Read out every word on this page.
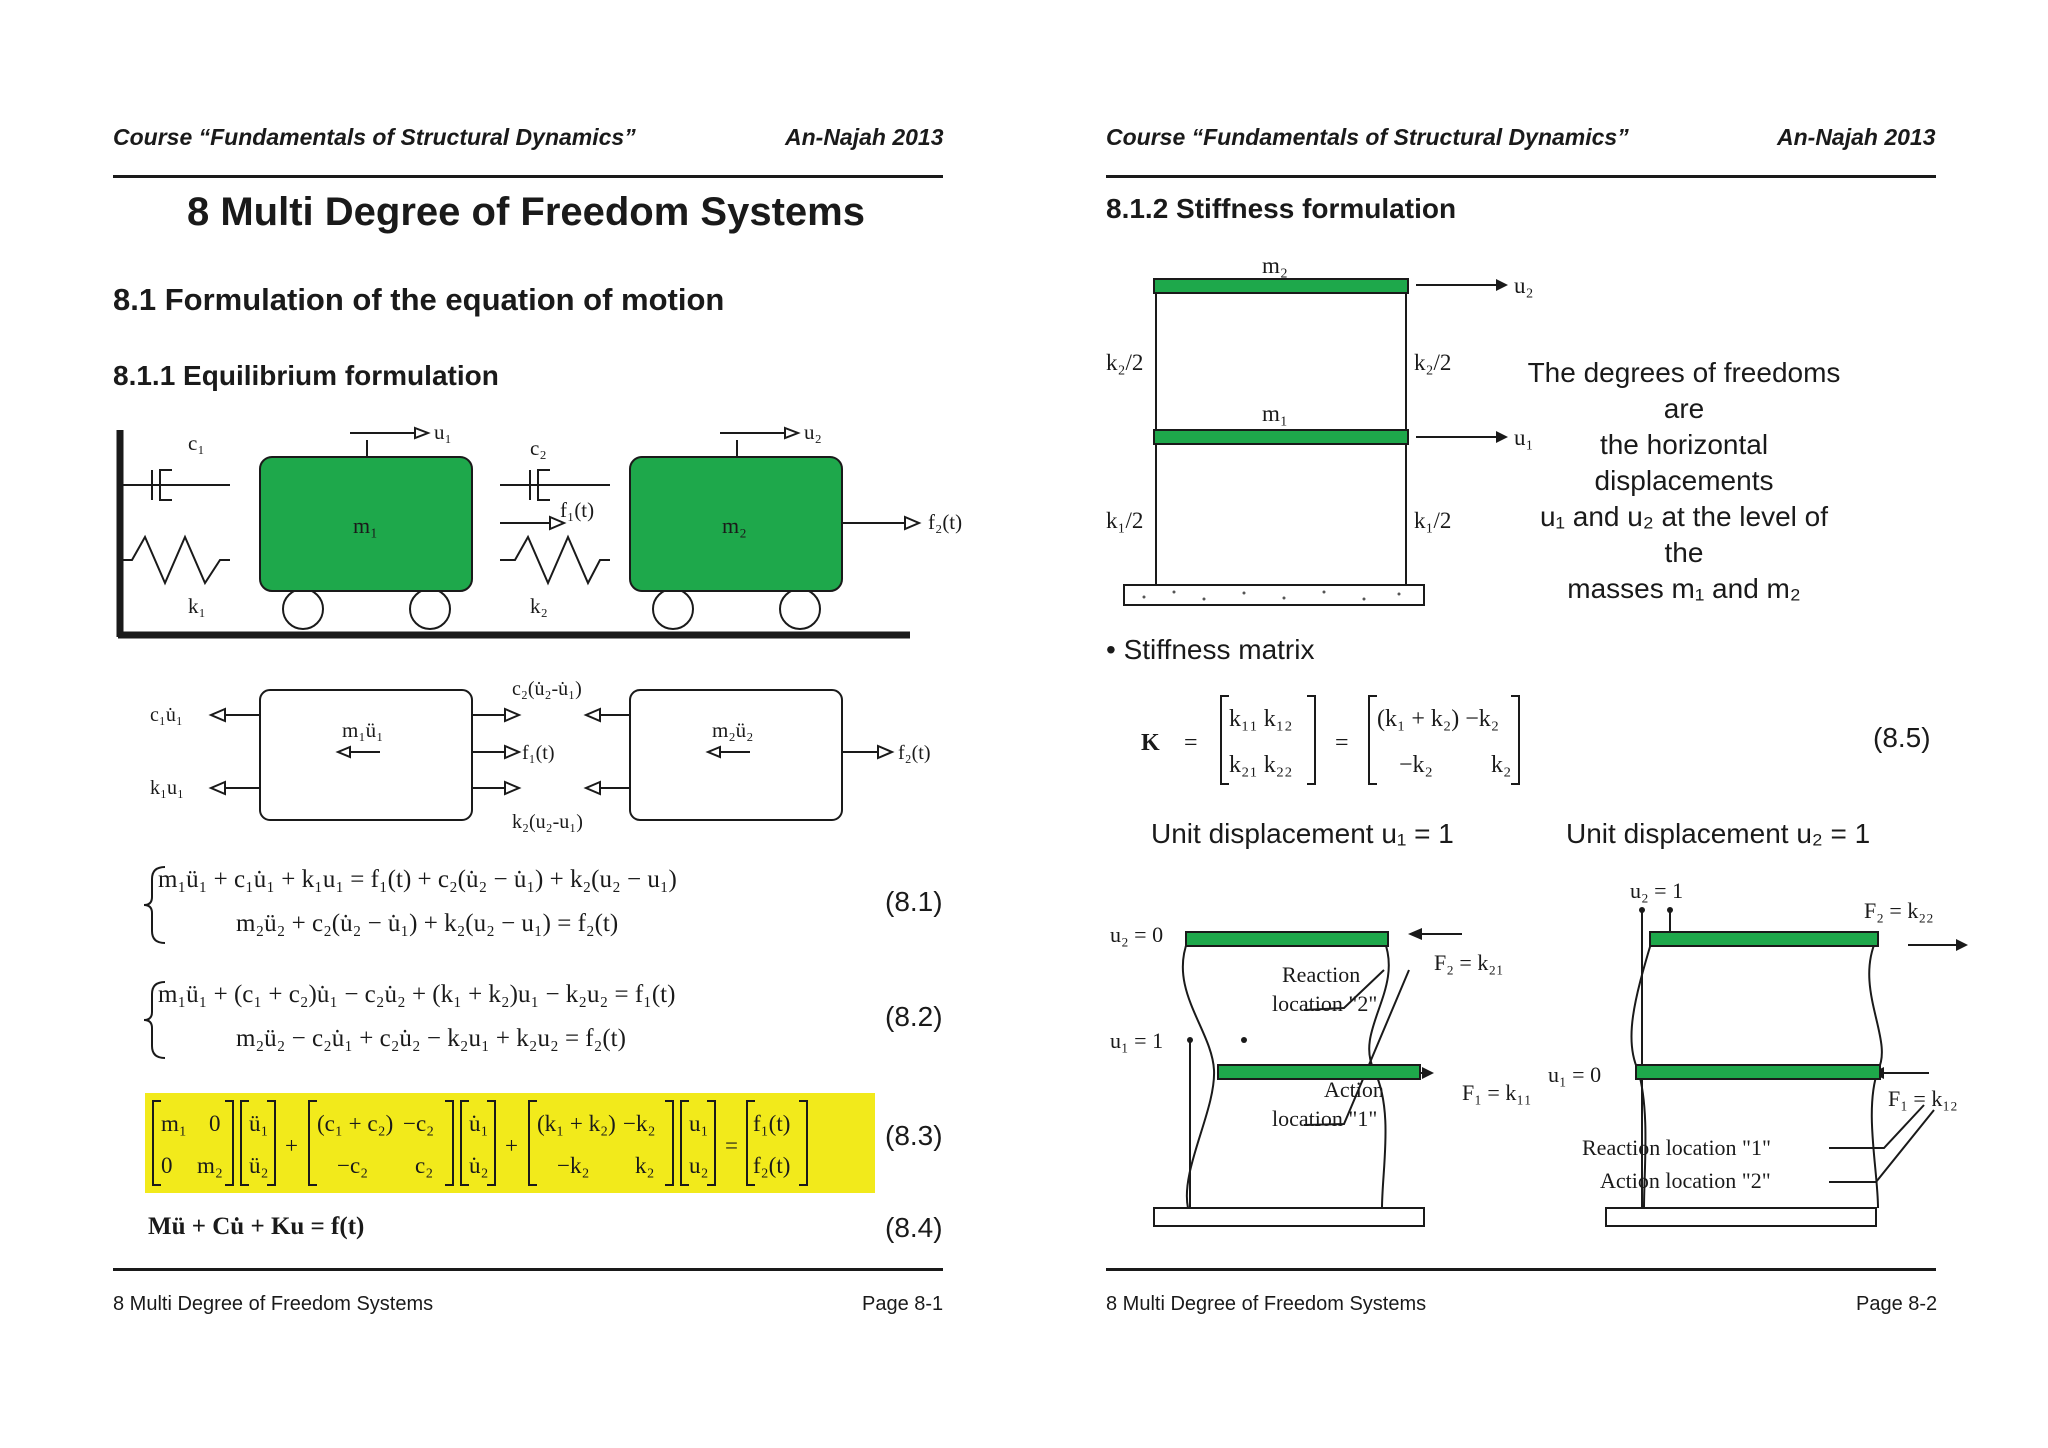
Course “Fundamentals of Structural Dynamics”	An-Najah 2013
8 Multi Degree of Freedom Systems
8.1 Formulation of the equation of motion
8.1.1 Equilibrium formulation
c₁	c₂
k₁	k₂
m₁	m₂
u₁	u₂
f₁(t)	f₂(t)
c₁u̇₁
k₁u₁
m₁ü₁	m₂ü₂
c₂(u̇₂-u̇₁)
k₂(u₂-u₁)
f₁(t)	f₂(t)
m₁ü₁ + c₁u̇₁ + k₁u₁ = f₁(t) + c₂(u̇₂ − u̇₁) + k₂(u₂ − u₁)
m₂ü₂ + c₂(u̇₂ − u̇₁) + k₂(u₂ − u₁) = f₂(t)
(8.1)
m₁ü₁ + (c₁ + c₂)u̇₁ − c₂u̇₂ + (k₁ + k₂)u₁ − k₂u₂ = f₁(t)
m₂ü₂ − c₂u̇₁ + c₂u̇₂ − k₂u₁ + k₂u₂ = f₂(t)
(8.2)
m₁ 0
0 m₂
ü₁
ü₂
+
(c₁ + c₂) −c₂
−c₂ c₂
u̇₁
u̇₂
+
(k₁ + k₂) −k₂
−k₂ k₂
u₁
u₂
=
f₁(t)
f₂(t)
(8.3)
Mü + Cu̇ + Ku = f(t)	(8.4)
8 Multi Degree of Freedom Systems	Page 8-1
Course “Fundamentals of Structural Dynamics”	An-Najah 2013
8.1.2 Stiffness formulation
m₂
m₁
u₂
u₁
k₂/2	k₂/2
k₁/2	k₁/2
The degrees of freedoms are
the horizontal displacements
u₁ and u₂ at the level of the
masses m₁ and m₂
• Stiffness matrix
K =
k₁₁ k₁₂
k₂₁ k₂₂
=
(k₁ + k₂) −k₂
−k₂ k₂
(8.5)
Unit displacement u₁ = 1	Unit displacement u₂ = 1
u₂ = 0
u₁ = 1
F₂ = k₂₁
F₁ = k₁₁
Reaction
location "2"
Action
location "1"
u₂ = 1
u₁ = 0
F₂ = k₂₂
F₁ = k₁₂
Reaction location "1"
Action location "2"
8 Multi Degree of Freedom Systems	Page 8-2
